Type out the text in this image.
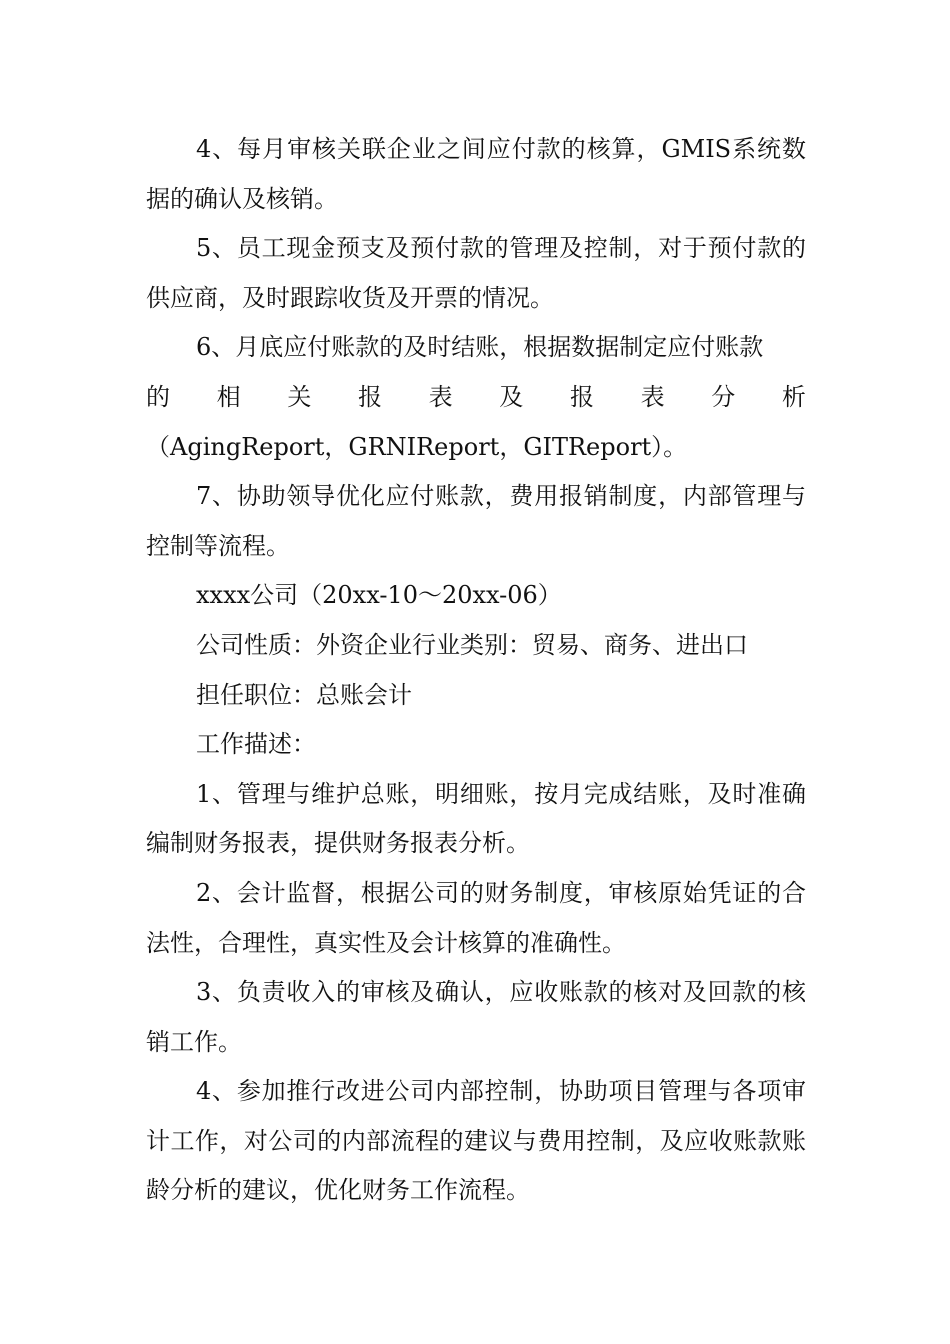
4、每月审核关联企业之间应付款的核算，GMIS系统数据的确认及核销。

5、员工现金预支及预付款的管理及控制，对于预付款的供应商，及时跟踪收货及开票的情况。

6、月底应付账款的及时结账，根据数据制定应付账款

的 相 关 报 表 及 报 表 分 析

（AgingReport，GRNIReport，GITReport）。

7、协助领导优化应付账款，费用报销制度，内部管理与控制等流程。

xxxx公司（20xx-10～20xx-06）

公司性质：外资企业行业类别：贸易、商务、进出口

担任职位：总账会计

工作描述：

1、管理与维护总账，明细账，按月完成结账，及时准确编制财务报表，提供财务报表分析。

2、会计监督，根据公司的财务制度，审核原始凭证的合法性，合理性，真实性及会计核算的准确性。

3、负责收入的审核及确认，应收账款的核对及回款的核销工作。

4、参加推行改进公司内部控制，协助项目管理与各项审计工作，对公司的内部流程的建议与费用控制，及应收账款账龄分析的建议，优化财务工作流程。
